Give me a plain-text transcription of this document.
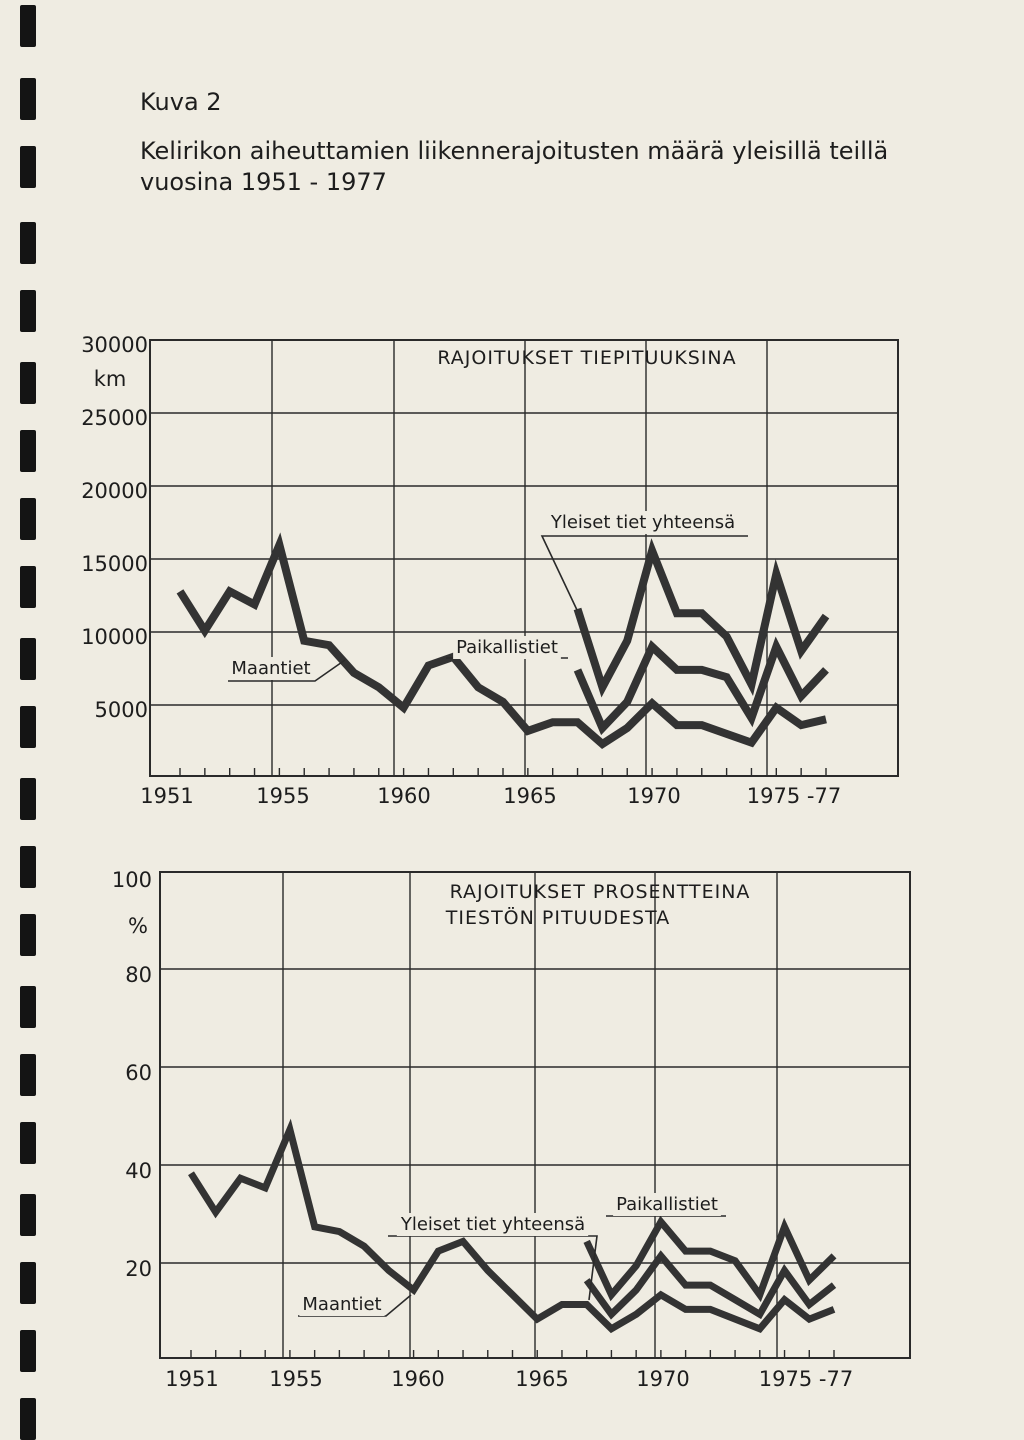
Kuva 2

Kelirikon aiheuttamien liikennerajoitusten määrä yleisillä teillä vuosina 1951 - 1977

30000
25000
20000
15000
10000
5000
km
1951	1955	1960	1965	1970	1975 -77
RAJOITUKSET TIEPITUUKSINA
Maantiet
Paikallistiet
Yleiset tiet yhteensä
100
80
60
40
20
%
1951 1955	1960	1965	1970	1975 -77
RAJOITUKSET PROSENTTEINA
TIESTÖN PITUUDESTA
Maantiet
Paikallistiet
Yleiset tiet yhteensä
